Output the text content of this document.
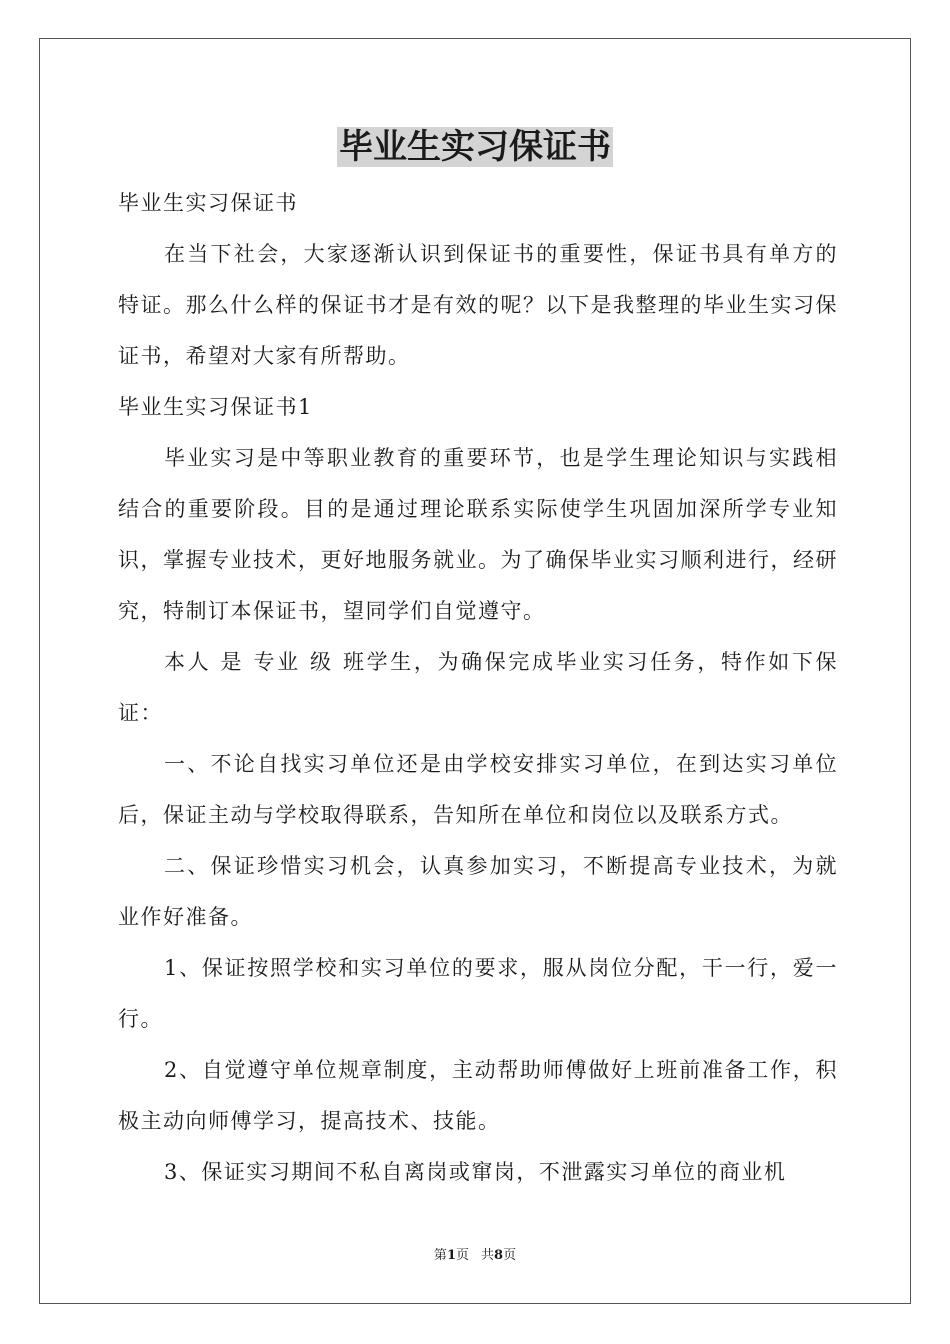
毕业生实习保证书

毕业生实习保证书

在当下社会，大家逐渐认识到保证书的重要性，保证书具有单方的特证。那么什么样的保证书才是有效的呢？以下是我整理的毕业生实习保证书，希望对大家有所帮助。

毕业生实习保证书1

毕业实习是中等职业教育的重要环节，也是学生理论知识与实践相结合的重要阶段。目的是通过理论联系实际使学生巩固加深所学专业知识，掌握专业技术，更好地服务就业。为了确保毕业实习顺利进行，经研究，特制订本保证书，望同学们自觉遵守。

本人 是 专业 级 班学生，为确保完成毕业实习任务，特作如下保证：

一、不论自找实习单位还是由学校安排实习单位，在到达实习单位后，保证主动与学校取得联系，告知所在单位和岗位以及联系方式。

二、保证珍惜实习机会，认真参加实习，不断提高专业技术，为就业作好准备。

1、保证按照学校和实习单位的要求，服从岗位分配，干一行，爱一行。

2、自觉遵守单位规章制度，主动帮助师傅做好上班前准备工作，积极主动向师傅学习，提高技术、技能。

3、保证实习期间不私自离岗或窜岗，不泄露实习单位的商业机

第1页 共8页
